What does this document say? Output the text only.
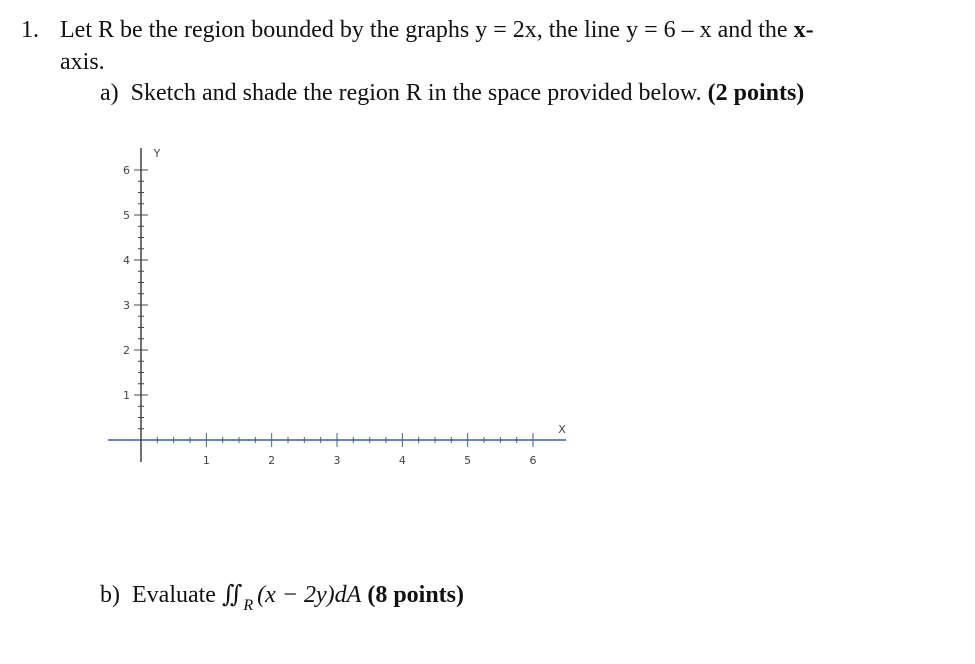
1. Let R be the region bounded by the graphs y = 2x, the line y = 6 – x and the x-
axis.
a) Sketch and shade the region R in the space provided below. (2 points)
1	2	3	4	5	6
1
2
3
4
5
6
X
Y
b) Evaluate $∬_R$ (x − 2y)dA (8 points)
